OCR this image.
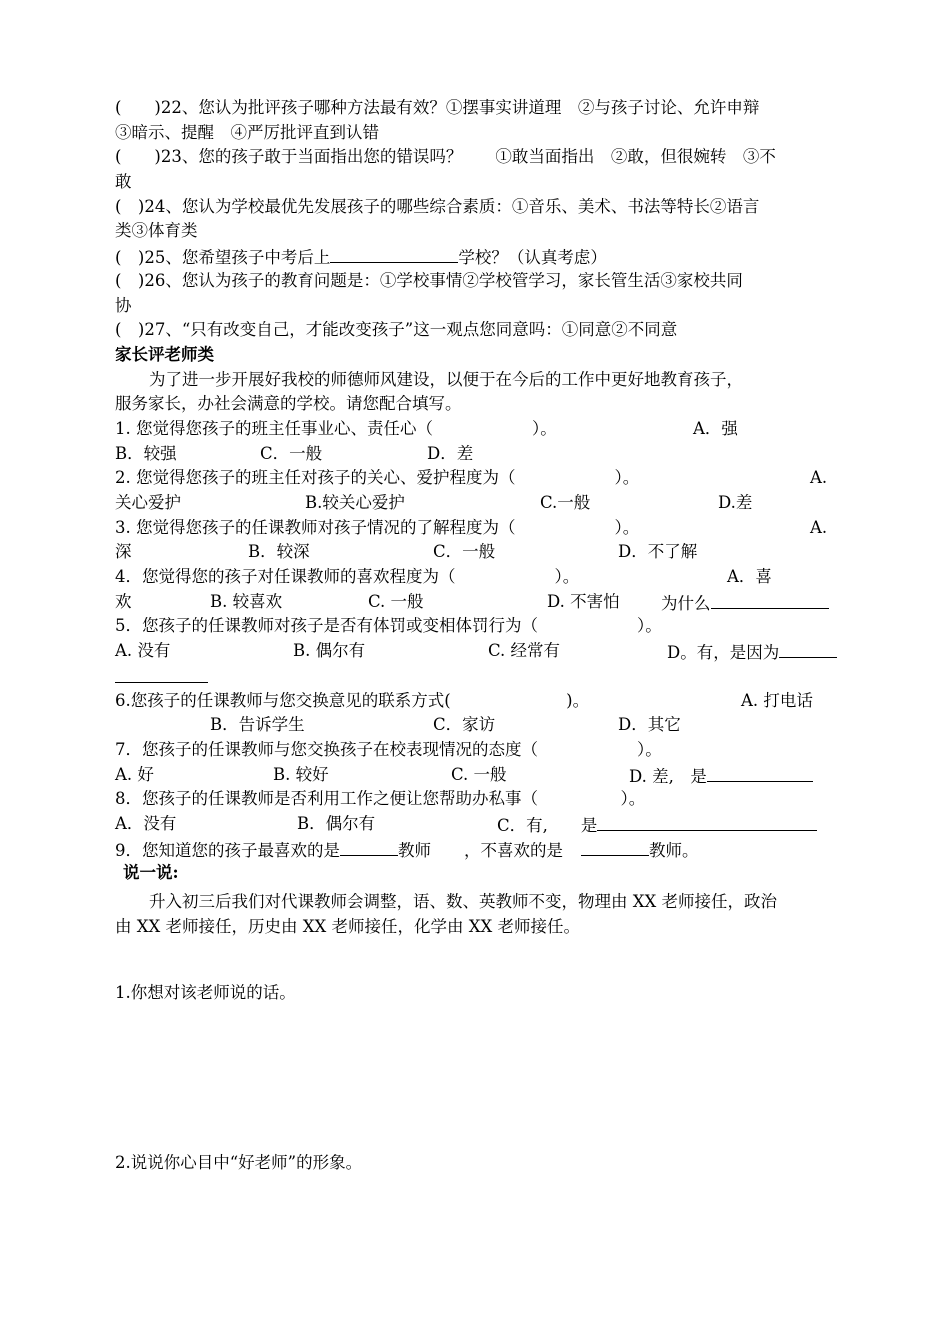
(　　)22、您认为批评孩子哪种方法最有效？①摆事实讲道理　②与孩子讨论、允许申辩
③暗示、提醒　④严厉批评直到认错
(　　)23、您的孩子敢于当面指出您的错误吗？　　①敢当面指出　②敢，但很婉转　③不
敢
(　)24、您认为学校最优先发展孩子的哪些综合素质：①音乐、美术、书法等特长②语言
类③体育类
(　)25、您希望孩子中考后上	学校？（认真考虑）
(　)26、您认为孩子的教育问题是：①学校事情②学校管学习，家长管生活③家校共同
协
(　)27、“只有改变自己，才能改变孩子”这一观点您同意吗：①同意②不同意
家长评老师类
为了进一步开展好我校的师德师风建设，以便于在今后的工作中更好地教育孩子，
服务家长，办社会满意的学校。请您配合填写。
1. 您觉得您孩子的班主任事业心、责任心（　　　　　　）。	A．强
B．较强	C．一般	D．差
2. 您觉得您孩子的班主任对孩子的关心、爱护程度为（　　　　　　）。	A.
关心爱护	B.较关心爱护	C.一般	D.差
3. 您觉得您孩子的任课教师对孩子情况的了解程度为（　　　　　　）。	A.
深	B．较深	C．一般	D．不了解
4．您觉得您的孩子对任课教师的喜欢程度为（　　　　　　）。	A．喜
欢	B. 较喜欢	C. 一般	D. 不害怕	为什么
5．您孩子的任课教师对孩子是否有体罚或变相体罚行为（　　　　　　）。
A. 没有	B. 偶尔有	C. 经常有	D。有，是因为
6.您孩子的任课教师与您交换意见的联系方式(　　　　　　　)。	A. 打电话
B．告诉学生	C．家访	D．其它
7．您孩子的任课教师与您交换孩子在校表现情况的态度（　　　　　　）。
A. 好	B. 较好	C. 一般	D. 差,　是
8．您孩子的任课教师是否利用工作之便让您帮助办私事（　　　　　）。
A．没有	B．偶尔有	C．有,　　是
9．您知道您的孩子最喜欢的是	教师　　，不喜欢的是	教师。
说一说:
升入初三后我们对代课教师会调整，语、数、英教师不变，物理由 XX 老师接任，政治
由 XX 老师接任，历史由 XX 老师接任，化学由 XX 老师接任。
1.你想对该老师说的话。
2.说说你心目中“好老师”的形象。
